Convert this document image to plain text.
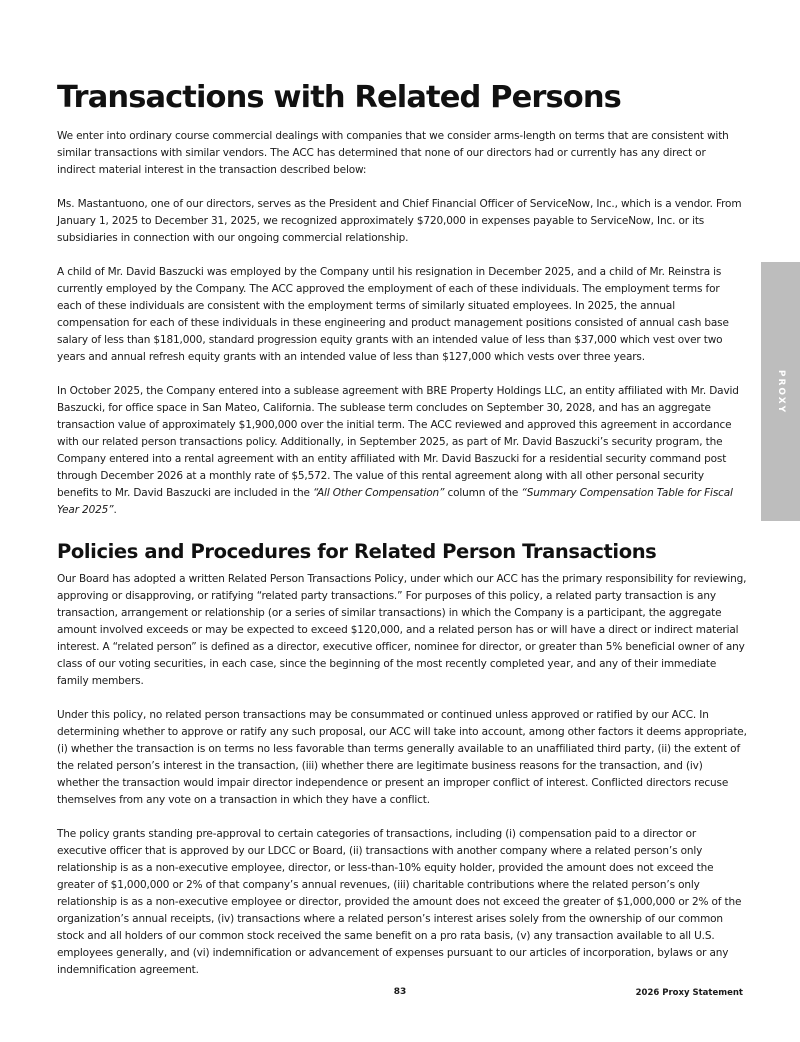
Transactions with Related Persons

We enter into ordinary course commercial dealings with companies that we consider arms-length on terms that are consistent with similar transactions with similar vendors. The ACC has determined that none of our directors had or currently has any direct or indirect material interest in the transaction described below:

Ms. Mastantuono, one of our directors, serves as the President and Chief Financial Officer of ServiceNow, Inc., which is a vendor. From January 1, 2025 to December 31, 2025, we recognized approximately $720,000 in expenses payable to ServiceNow, Inc. or its subsidiaries in connection with our ongoing commercial relationship.

A child of Mr. David Baszucki was employed by the Company until his resignation in December 2025, and a child of Mr. Reinstra is currently employed by the Company. The ACC approved the employment of each of these individuals. The employment terms for each of these individuals are consistent with the employment terms of similarly situated employees. In 2025, the annual compensation for each of these individuals in these engineering and product management positions consisted of annual cash base salary of less than $181,000, standard progression equity grants with an intended value of less than $37,000 which vest over two years and annual refresh equity grants with an intended value of less than $127,000 which vests over three years.

In October 2025, the Company entered into a sublease agreement with BRE Property Holdings LLC, an entity affiliated with Mr. David Baszucki, for office space in San Mateo, California. The sublease term concludes on September 30, 2028, and has an aggregate transaction value of approximately $1,900,000 over the initial term. The ACC reviewed and approved this agreement in accordance with our related person transactions policy. Additionally, in September 2025, as part of Mr. David Baszucki’s security program, the Company entered into a rental agreement with an entity affiliated with Mr. David Baszucki for a residential security command post through December 2026 at a monthly rate of $5,572. The value of this rental agreement along with all other personal security benefits to Mr. David Baszucki are included in the “All Other Compensation” column of the “Summary Compensation Table for Fiscal Year 2025”.

Policies and Procedures for Related Person Transactions

Our Board has adopted a written Related Person Transactions Policy, under which our ACC has the primary responsibility for reviewing, approving or disapproving, or ratifying “related party transactions.” For purposes of this policy, a related party transaction is any transaction, arrangement or relationship (or a series of similar transactions) in which the Company is a participant, the aggregate amount involved exceeds or may be expected to exceed $120,000, and a related person has or will have a direct or indirect material interest. A “related person” is defined as a director, executive officer, nominee for director, or greater than 5% beneficial owner of any class of our voting securities, in each case, since the beginning of the most recently completed year, and any of their immediate family members.

Under this policy, no related person transactions may be consummated or continued unless approved or ratified by our ACC. In determining whether to approve or ratify any such proposal, our ACC will take into account, among other factors it deems appropriate, (i) whether the transaction is on terms no less favorable than terms generally available to an unaffiliated third party, (ii) the extent of the related person’s interest in the transaction, (iii) whether there are legitimate business reasons for the transaction, and (iv) whether the transaction would impair director independence or present an improper conflict of interest. Conflicted directors recuse themselves from any vote on a transaction in which they have a conflict.

The policy grants standing pre-approval to certain categories of transactions, including (i) compensation paid to a director or executive officer that is approved by our LDCC or Board, (ii) transactions with another company where a related person’s only relationship is as a non-executive employee, director, or less-than-10% equity holder, provided the amount does not exceed the greater of $1,000,000 or 2% of that company’s annual revenues, (iii) charitable contributions where the related person’s only relationship is as a non-executive employee or director, provided the amount does not exceed the greater of $1,000,000 or 2% of the organization’s annual receipts, (iv) transactions where a related person’s interest arises solely from the ownership of our common stock and all holders of our common stock received the same benefit on a pro rata basis, (v) any transaction available to all U.S. employees generally, and (vi) indemnification or advancement of expenses pursuant to our articles of incorporation, bylaws or any indemnification agreement.

PROXY
83	2026 Proxy Statement
